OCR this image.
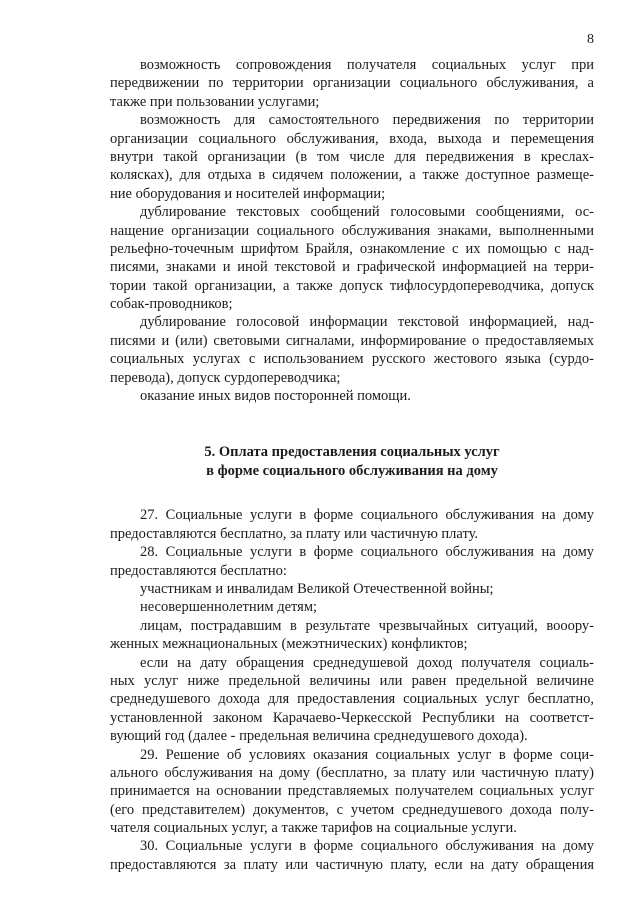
8
возможность сопровождения получателя социальных услуг при
передвижении по территории организации социального обслуживания, а
также при пользовании услугами;
возможность для самостоятельного передвижения по территории
организации социального обслуживания, входа, выхода и перемещения
внутри такой организации (в том числе для передвижения в креслах-
колясках), для отдыха в сидячем положении, а также доступное размеще-
ние оборудования и носителей информации;
дублирование текстовых сообщений голосовыми сообщениями, ос-
нащение организации социального обслуживания знаками, выполненными
рельефно-точечным шрифтом Брайля, ознакомление с их помощью с над-
писями, знаками и иной текстовой и графической информацией на терри-
тории такой организации, а также допуск тифлосурдопереводчика, допуск
собак-проводников;
дублирование голосовой информации текстовой информацией, над-
писями и (или) световыми сигналами, информирование о предоставляемых
социальных услугах с использованием русского жестового языка (сурдо-
перевода), допуск сурдопереводчика;
оказание иных видов посторонней помощи.
5. Оплата предоставления социальных услуг
в форме социального обслуживания на дому
27. Социальные услуги в форме социального обслуживания на дому
предоставляются бесплатно, за плату или частичную плату.
28. Социальные услуги в форме социального обслуживания на дому
предоставляются бесплатно:
участникам и инвалидам Великой Отечественной войны;
несовершеннолетним детям;
лицам, пострадавшим в результате чрезвычайных ситуаций, вооору-
женных межнациональных (межэтнических) конфликтов;
если на дату обращения среднедушевой доход получателя социаль-
ных услуг ниже предельной величины или равен предельной величине
среднедушевого дохода для предоставления социальных услуг бесплатно,
установленной законом Карачаево-Черкесской Республики на соответст-
вующий год (далее - предельная величина среднедушевого дохода).
29. Решение об условиях оказания социальных услуг в форме соци-
ального обслуживания на дому (бесплатно, за плату или частичную плату)
принимается на основании представляемых получателем социальных услуг
(его представителем) документов, с учетом среднедушевого дохода полу-
чателя социальных услуг, а также тарифов на социальные услуги.
30. Социальные услуги в форме социального обслуживания на дому
предоставляются за плату или частичную плату, если на дату обращения
